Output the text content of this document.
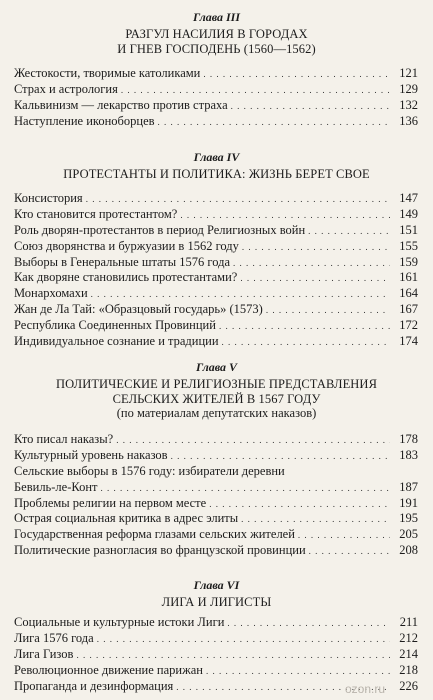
Глава III
РАЗГУЛ НАСИЛИЯ В ГОРОДАХ
И ГНЕВ ГОСПОДЕНЬ (1560—1562)
Жестокости, творимые католиками . . .	121
Страх и астрология . . .	129
Кальвинизм — лекарство против страха . . .	132
Наступление иконоборцев . . .	136
Глава IV
ПРОТЕСТАНТЫ И ПОЛИТИКА: ЖИЗНЬ БЕРЕТ СВОЕ
Консистория . . .	147
Кто становится протестантом? . . .	149
Роль дворян-протестантов в период Религиозных войн . . .	151
Союз дворянства и буржуазии в 1562 году . . .	155
Выборы в Генеральные штаты 1576 года . . .	159
Как дворяне становились протестантами? . . .	161
Монархомахи . . .	164
Жан де Ла Тай: «Образцовый государь» (1573) . . .	167
Республика Соединенных Провинций . . .	172
Индивидуальное сознание и традиции . . .	174
Глава V
ПОЛИТИЧЕСКИЕ И РЕЛИГИОЗНЫЕ ПРЕДСТАВЛЕНИЯ
СЕЛЬСКИХ ЖИТЕЛЕЙ В 1567 ГОДУ
(по материалам депутатских наказов)
Кто писал наказы? . . .	178
Культурный уровень наказов . . .	183
Сельские выборы в 1576 году: избиратели деревни
Бевиль-ле-Конт . . .	187
Проблемы религии на первом месте . . .	191
Острая социальная критика в адрес элиты . . .	195
Государственная реформа глазами сельских жителей . . .	205
Политические разногласия во французской провинции . . .	208
Глава VI
ЛИГА И ЛИГИСТЫ
Социальные и культурные истоки Лиги . . .	211
Лига 1576 года . . .	212
Лига Гизов . . .	214
Революционное движение парижан . . .	218
Пропаганда и дезинформация . . .	226
ozon.ru
